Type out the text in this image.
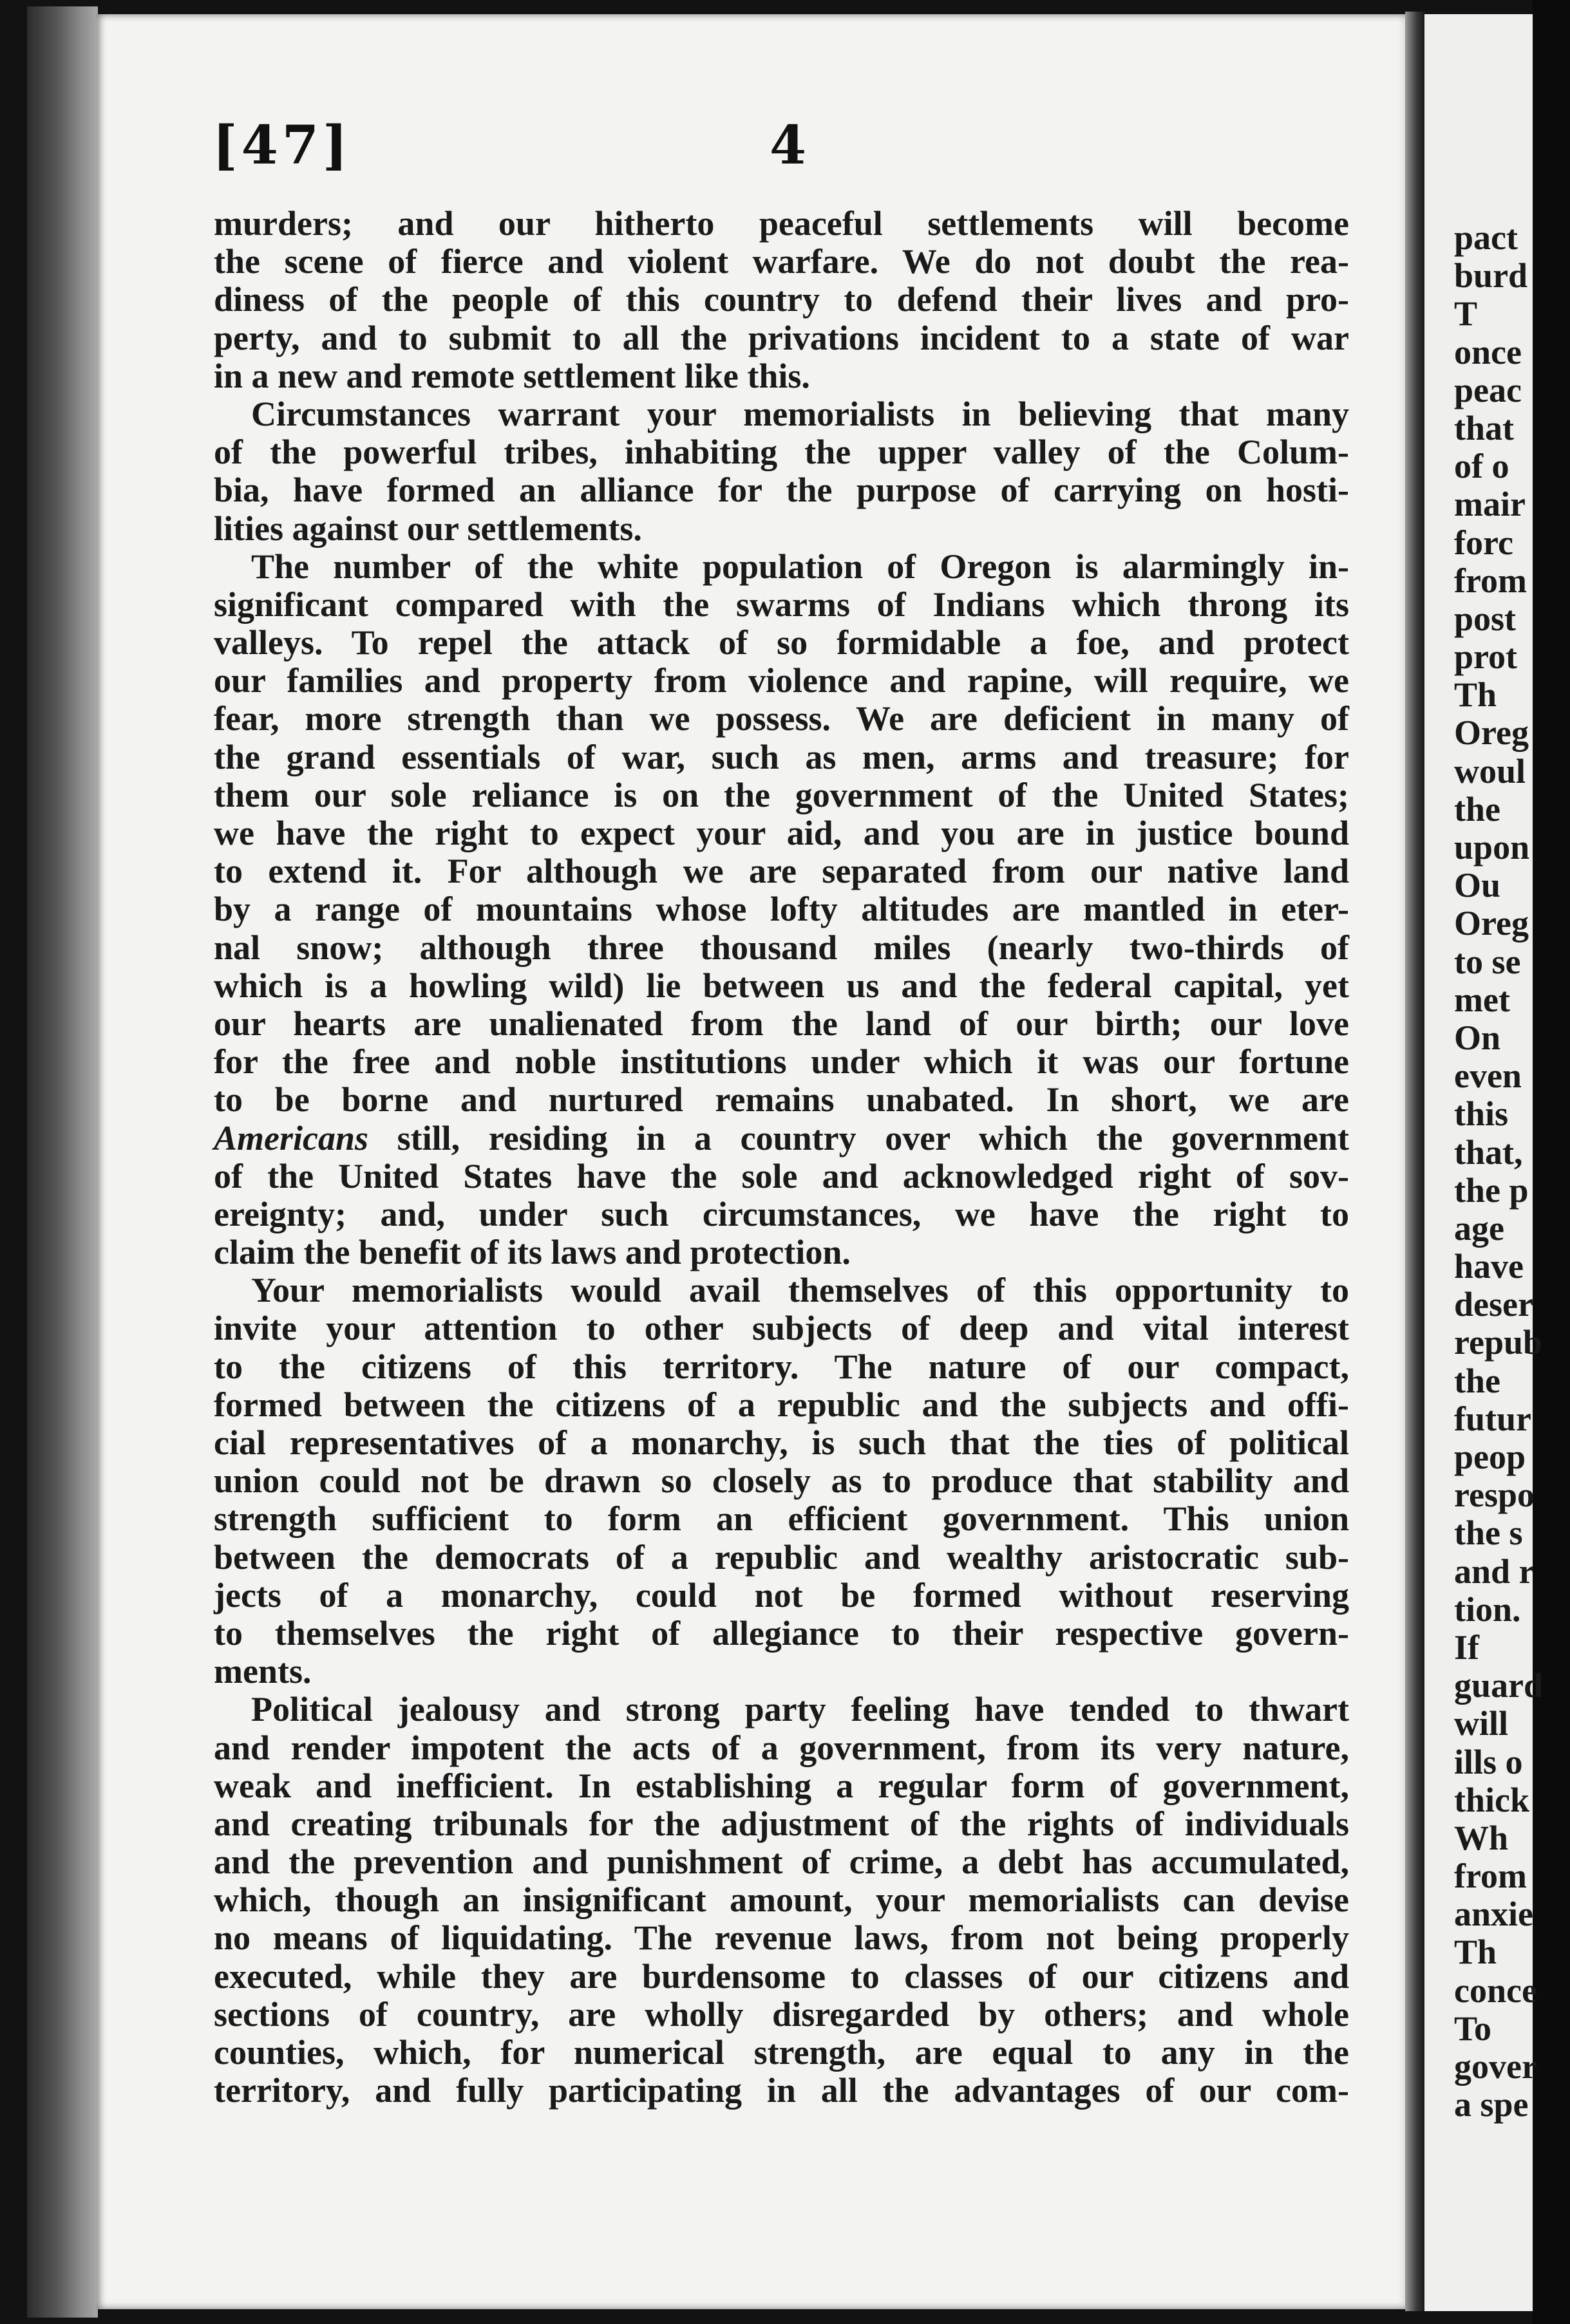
[47]	4
murders; and our hitherto peaceful settlements will become
the scene of fierce and violent warfare. We do not doubt the rea-
diness of the people of this country to defend their lives and pro-
perty, and to submit to all the privations incident to a state of war
in a new and remote settlement like this.
Circumstances warrant your memorialists in believing that many
of the powerful tribes, inhabiting the upper valley of the Colum-
bia, have formed an alliance for the purpose of carrying on hosti-
lities against our settlements.
The number of the white population of Oregon is alarmingly in-
significant compared with the swarms of Indians which throng its
valleys. To repel the attack of so formidable a foe, and protect
our families and property from violence and rapine, will require, we
fear, more strength than we possess. We are deficient in many of
the grand essentials of war, such as men, arms and treasure; for
them our sole reliance is on the government of the United States;
we have the right to expect your aid, and you are in justice bound
to extend it. For although we are separated from our native land
by a range of mountains whose lofty altitudes are mantled in eter-
nal snow; although three thousand miles (nearly two-thirds of
which is a howling wild) lie between us and the federal capital, yet
our hearts are unalienated from the land of our birth; our love
for the free and noble institutions under which it was our fortune
to be borne and nurtured remains unabated. In short, we are
Americans still, residing in a country over which the government
of the United States have the sole and acknowledged right of sov-
ereignty; and, under such circumstances, we have the right to
claim the benefit of its laws and protection.
Your memorialists would avail themselves of this opportunity to
invite your attention to other subjects of deep and vital interest
to the citizens of this territory. The nature of our compact,
formed between the citizens of a republic and the subjects and offi-
cial representatives of a monarchy, is such that the ties of political
union could not be drawn so closely as to produce that stability and
strength sufficient to form an efficient government. This union
between the democrats of a republic and wealthy aristocratic sub-
jects of a monarchy, could not be formed without reserving
to themselves the right of allegiance to their respective govern-
ments.
Political jealousy and strong party feeling have tended to thwart
and render impotent the acts of a government, from its very nature,
weak and inefficient. In establishing a regular form of government,
and creating tribunals for the adjustment of the rights of individuals
and the prevention and punishment of crime, a debt has accumulated,
which, though an insignificant amount, your memorialists can devise
no means of liquidating. The revenue laws, from not being properly
executed, while they are burdensome to classes of our citizens and
sections of country, are wholly disregarded by others; and whole
counties, which, for numerical strength, are equal to any in the
territory, and fully participating in all the advantages of our com-
pact
burd
T
once
peac
that
of o
mair
forc
from
post
prot
Th
Oreg
woul
the
upon
Ou
Oreg
to se
met
On
even
this
that,
the p
age
have
deser
repub
the
futur
peop
respo
the s
and r
tion.
If
guard
will
ills o
thick
Wh
from
anxie
Th
conce
To
gover
a spe
